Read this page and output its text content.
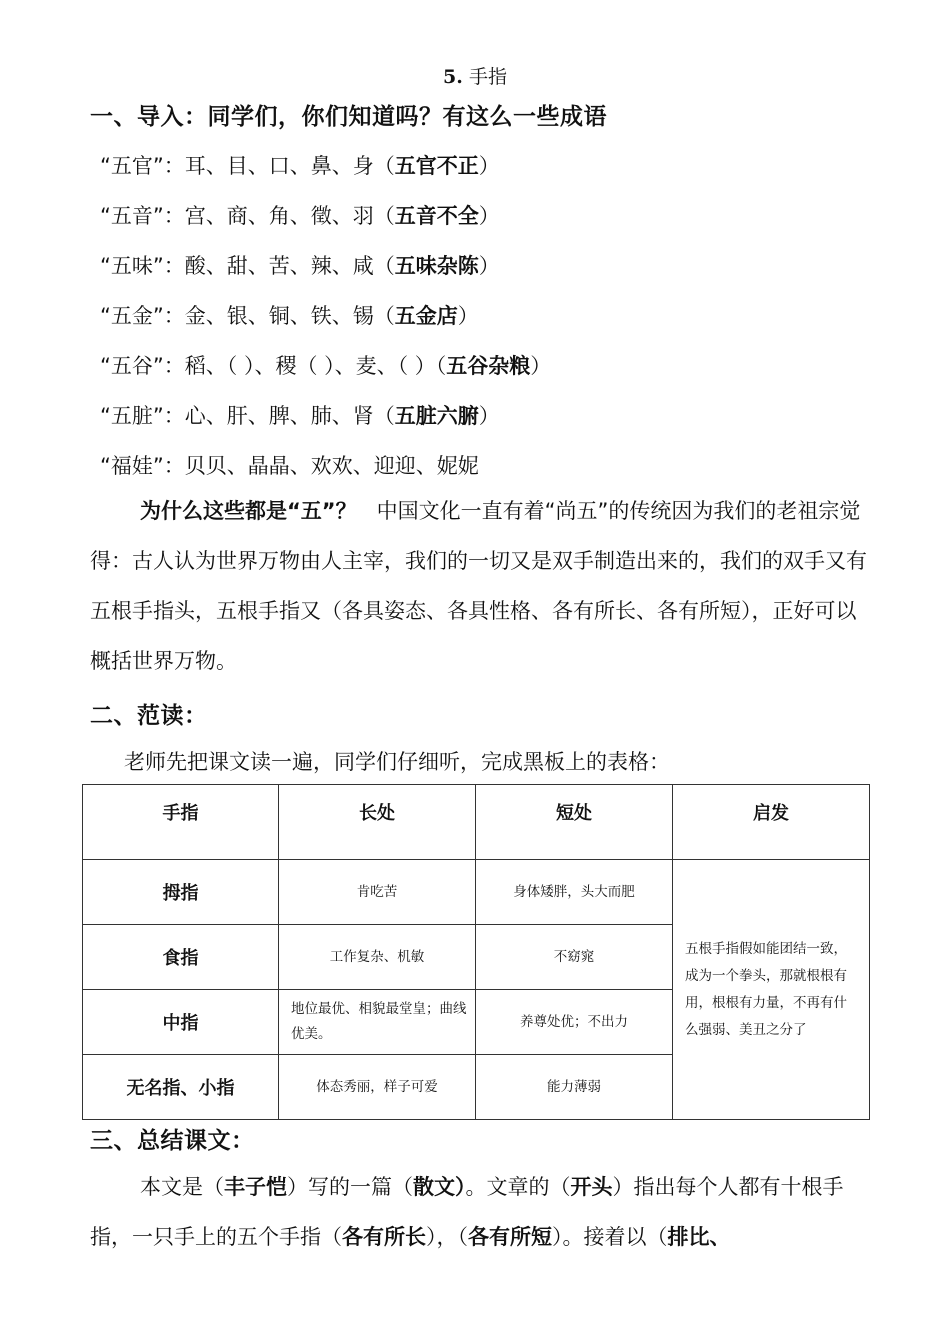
5. 手指
一、导入：同学们，你们知道吗？有这么一些成语
“五官”：耳、目、口、鼻、身（五官不正）
“五音”：宫、商、角、徵、羽（五音不全）
“五味”：酸、甜、苦、辣、咸（五味杂陈）
“五金”：金、银、铜、铁、锡（五金店）
“五谷”：稻、（ ）、稷（ ）、麦、（ ）（五谷杂粮）
“五脏”：心、肝、脾、肺、肾（五脏六腑）
“福娃”：贝贝、晶晶、欢欢、迎迎、妮妮
为什么这些都是“五”？ 中国文化一直有着“尚五”的传统因为我们的老祖宗觉得：古人认为世界万物由人主宰，我们的一切又是双手制造出来的，我们的双手又有五根手指头，五根手指又（各具姿态、各具性格、各有所长、各有所短），正好可以概括世界万物。
二、范读：
老师先把课文读一遍，同学们仔细听，完成黑板上的表格：
手指	长处	短处	启发
拇指	肯吃苦	身体矮胖，头大而肥	五根手指假如能团结一致，成为一个拳头，那就根根有用，根根有力量，不再有什么强弱、美丑之分了
食指	工作复杂、机敏	不窈窕	
中指	地位最优、相貌最堂皇；曲线优美。	养尊处优；不出力	
无名指、小指	体态秀丽，样子可爱	能力薄弱	
三、总结课文：
本文是（丰子恺）写的一篇（散文）。文章的（开头）指出每个人都有十根手指，一只手上的五个手指（各有所长），（各有所短）。接着以（排比、
